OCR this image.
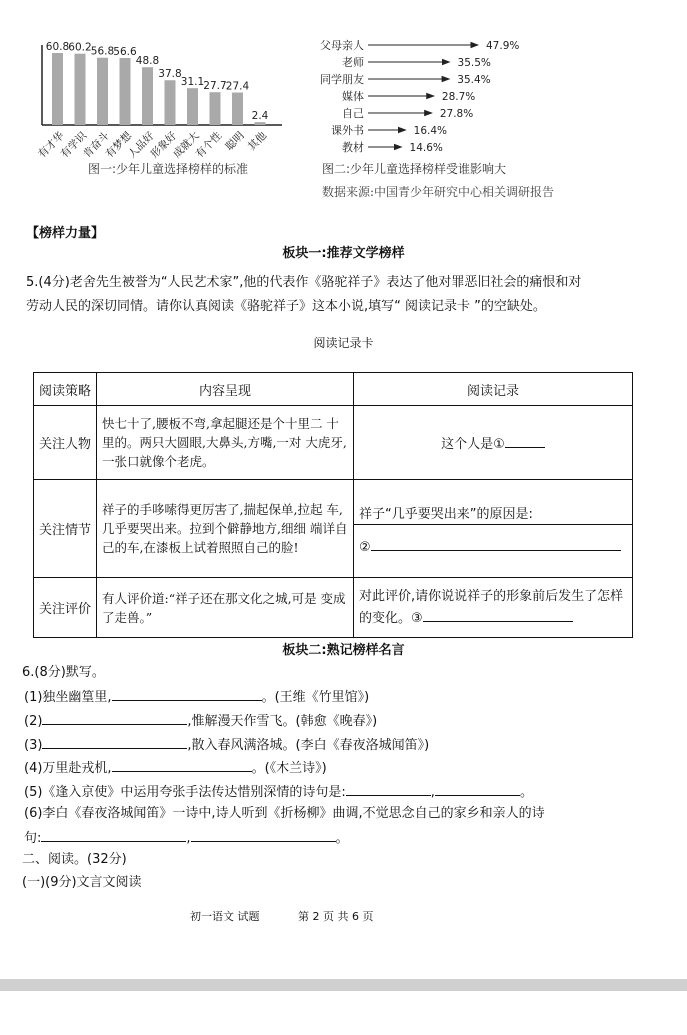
60.8
有才华
60.2
有学识
56.8
肯奋斗
56.6
有梦想
48.8
人品好
37.8
形象好
31.1
成就大
27.7
有个性
27.4
聪明
2.4
其他
图一:少年儿童选择榜样的标准
父母亲人	47.9%
老师	35.5%
同学朋友	35.4%
媒体	28.7%
自己	27.8%
课外书	16.4%
教材	14.6%
图二:少年儿童选择榜样受谁影响大
数据来源:中国青少年研究中心相关调研报告
【榜样力量】
板块一:推荐文学榜样
5.(4分)老舍先生被誉为“人民艺术家”,他的代表作《骆驼祥子》表达了他对罪恶旧社会的痛恨和对
劳动人民的深切同情。请你认真阅读《骆驼祥子》这本小说,填写“ 阅读记录卡 ”的空缺处。
阅读记录卡
阅读策略	内容呈现	阅读记录
关注人物	快七十了,腰板不弯,拿起腿还是个十里二 十里的。两只大圆眼,大鼻头,方嘴,一对 大虎牙,一张口就像个老虎。	这个人是①
关注情节	祥子的手哆嗦得更厉害了,揣起保单,拉起 车,几乎要哭出来。拉到个僻静地方,细细 端详自己的车,在漆板上试着照照自己的脸!	祥子“几乎要哭出来”的原因是:
②

关注评价	有人评价道:“祥子还在那文化之城,可是 变成了走兽。”	对此评价,请你说说祥子的形象前后发生了怎样的变化。③
板块二:熟记榜样名言
6.(8分)默写。
(1)独坐幽篁里,	。(王维《竹里馆》)
(2)	,惟解漫天作雪飞。(韩愈《晚春》)
(3)	,散入春风满洛城。(李白《春夜洛城闻笛》)
(4)万里赴戎机,	。(《木兰诗》)
(5)《逢入京使》中运用夸张手法传达惜别深情的诗句是:	,	。
(6)李白《春夜洛城闻笛》一诗中,诗人听到《折杨柳》曲调,不觉思念自己的家乡和亲人的诗
句:	,	。
二、阅读。(32分)
(一)(9分)文言文阅读
初一语文 试题	第 2 页 共 6 页
